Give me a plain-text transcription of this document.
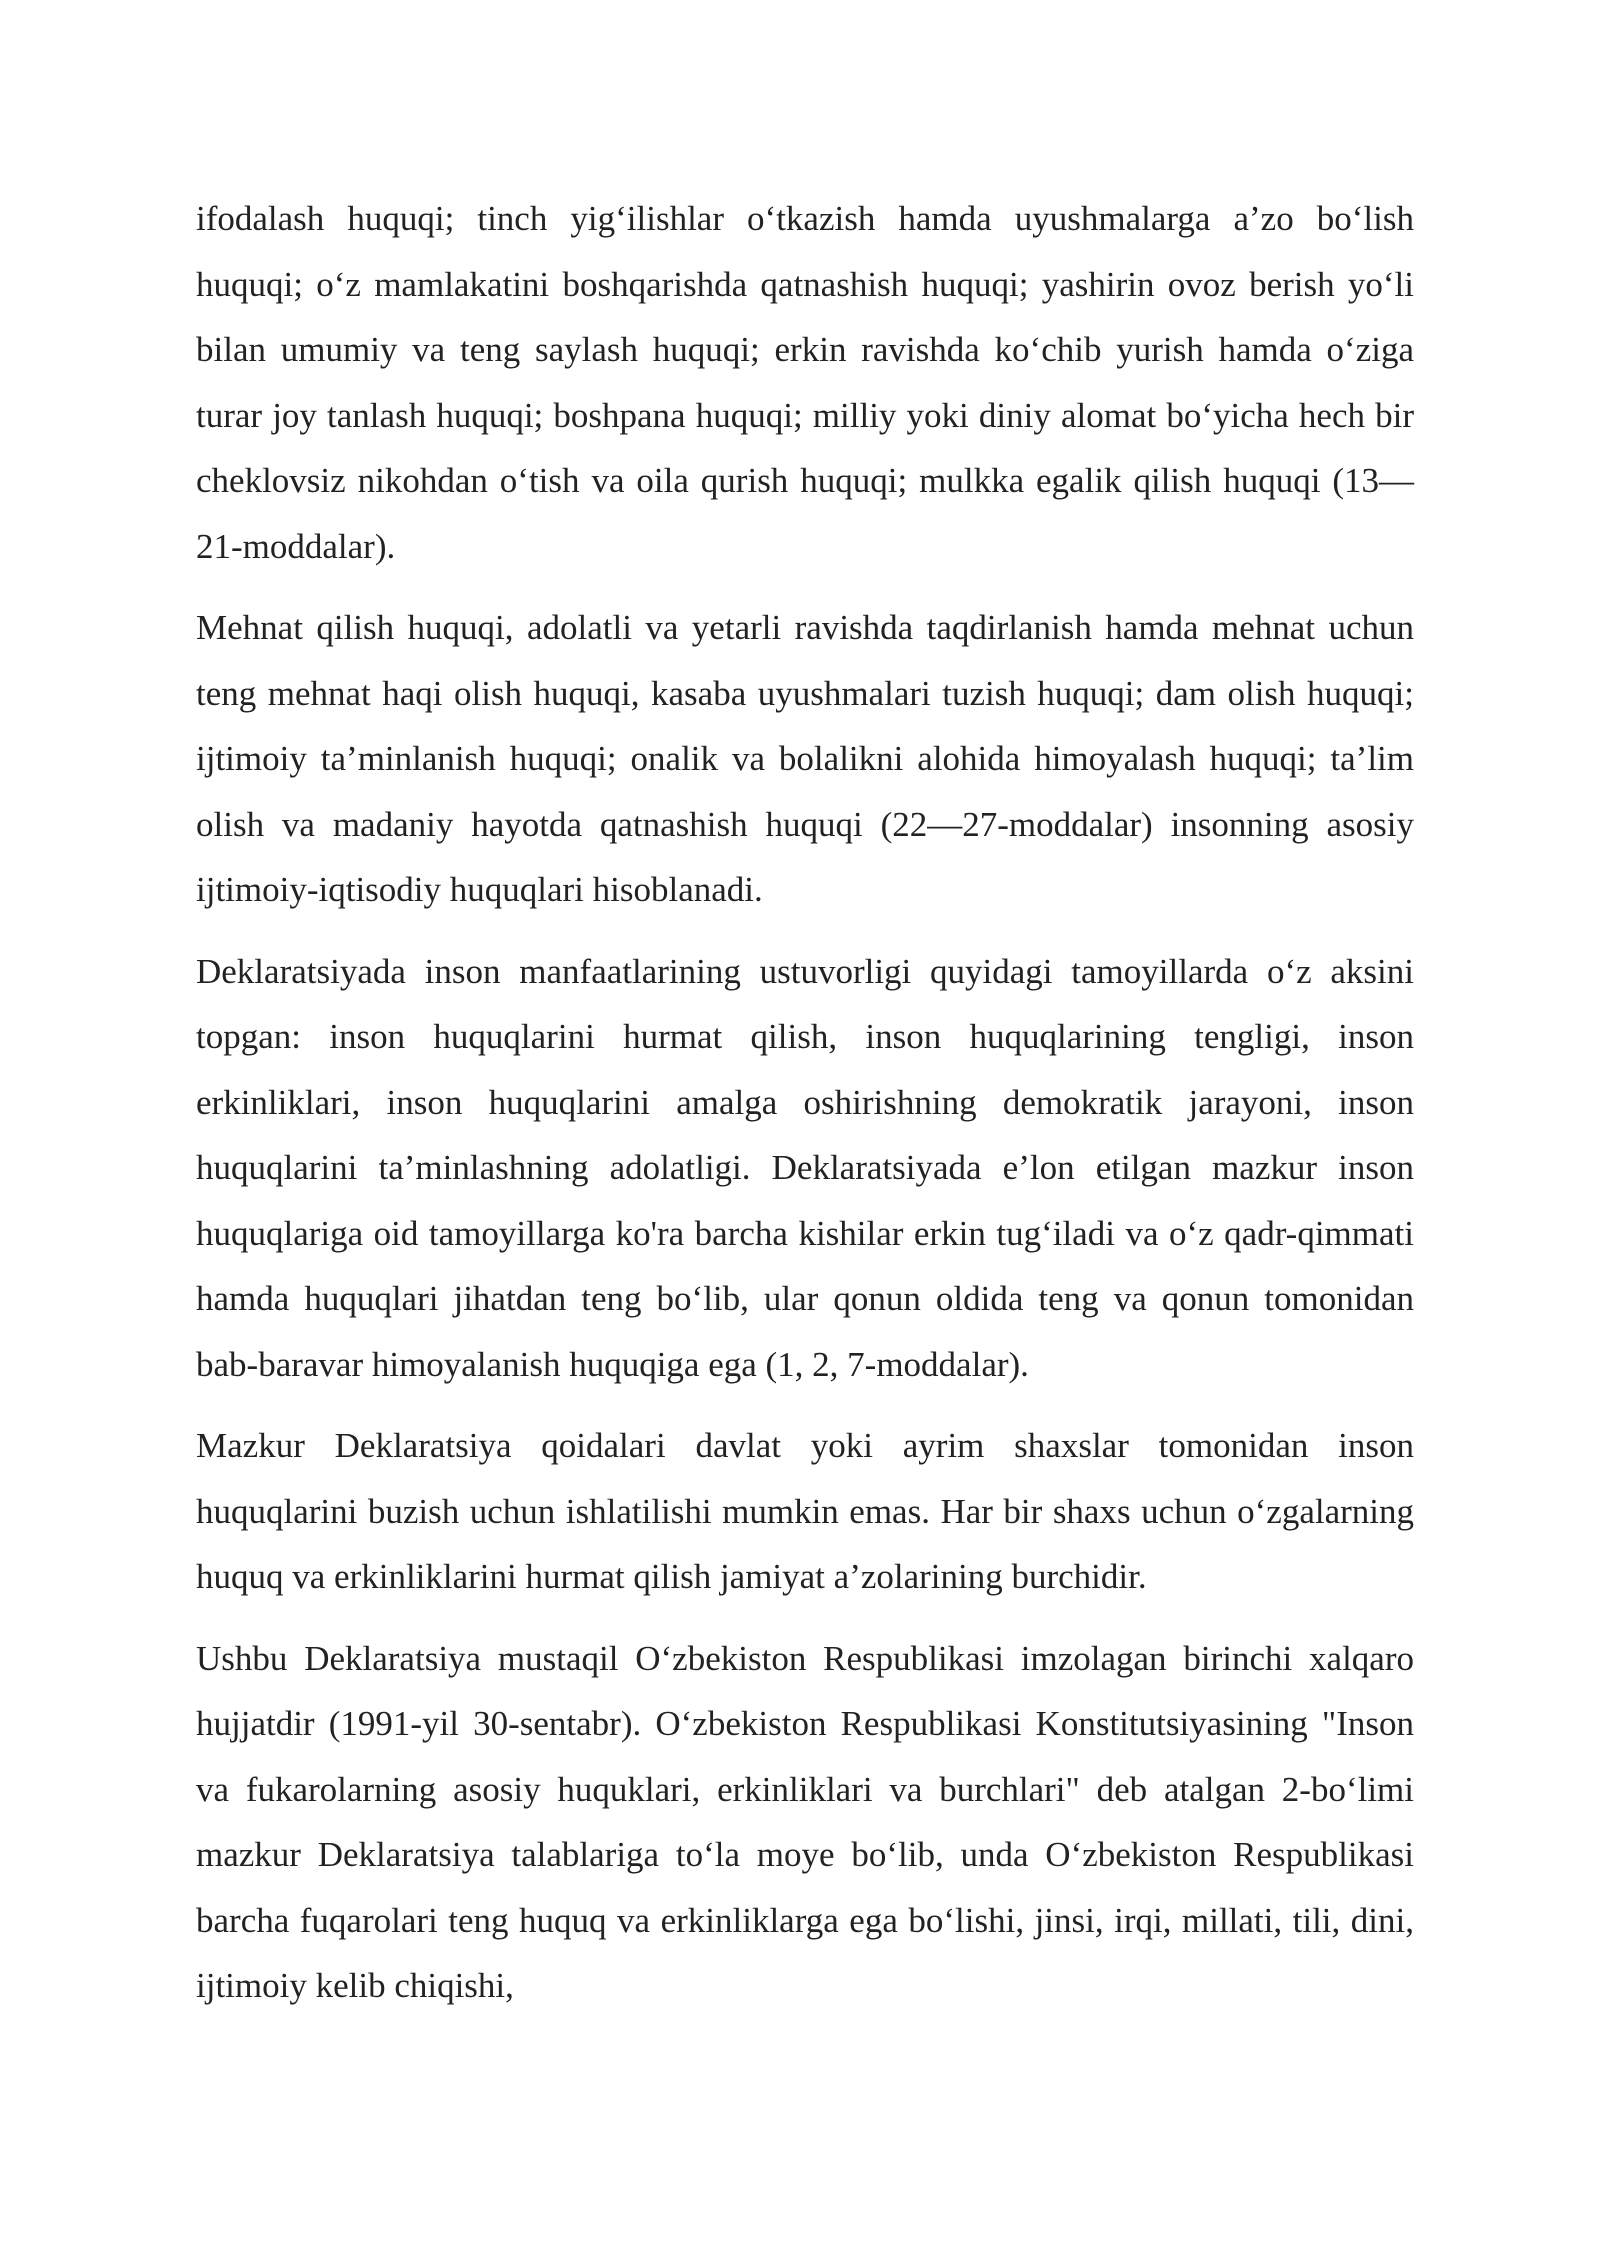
ifodalash huquqi; tinch yig‘ilishlar o‘tkazish hamda uyushmalarga a’zo bo‘lish huquqi; o‘z mamlakatini boshqarishda qatnashish huquqi; yashirin ovoz berish yo‘li bilan umumiy va teng saylash huquqi; erkin ravishda ko‘chib yurish hamda o‘ziga turar joy tanlash huquqi; boshpana huquqi; milliy yoki diniy alomat bo‘yicha hech bir cheklovsiz nikohdan o‘tish va oila qurish huquqi; mulkka egalik qilish huquqi (13—21-moddalar).

Mehnat qilish huquqi, adolatli va yetarli ravishda taqdirlanish hamda mehnat uchun teng mehnat haqi olish huquqi, kasaba uyushmalari tuzish huquqi; dam olish huquqi; ijtimoiy ta’minlanish huquqi; onalik va bolalikni alohida himoyalash huquqi; ta’lim olish va madaniy hayotda qatnashish huquqi (22—27-moddalar) insonning asosiy ijtimoiy-iqtisodiy huquqlari hisoblanadi.

Deklaratsiyada inson manfaatlarining ustuvorligi quyidagi tamoyillarda o‘z aksini topgan: inson huquqlarini hurmat qilish, inson huquqlarining tengligi, inson erkinliklari, inson huquqlarini amalga oshirishning demokratik jarayoni, inson huquqlarini ta’minlashning adolatligi. Deklaratsiyada e’lon etilgan mazkur inson huquqlariga oid tamoyillarga ko'ra barcha kishilar erkin tug‘iladi va o‘z qadr-qimmati hamda huquqlari jihatdan teng bo‘lib, ular qonun oldida teng va qonun tomonidan bab-baravar himoyalanish huquqiga ega (1, 2, 7-moddalar).

Mazkur Deklaratsiya qoidalari davlat yoki ayrim shaxslar tomonidan inson huquqlarini buzish uchun ishlatilishi mumkin emas. Har bir shaxs uchun o‘zgalarning huquq va erkinliklarini hurmat qilish jamiyat a’zolarining burchidir.

Ushbu Deklaratsiya mustaqil O‘zbekiston Respublikasi imzolagan birinchi xalqaro hujjatdir (1991-yil 30-sentabr). O‘zbekiston Respublikasi Konstitutsiyasining "Inson va fukarolarning asosiy huquklari, erkinliklari va burchlari" deb atalgan 2-bo‘limi mazkur Deklaratsiya talablariga to‘la moye bo‘lib, unda O‘zbekiston Respublikasi barcha fuqarolari teng huquq va erkinliklarga ega bo‘lishi, jinsi, irqi, millati, tili, dini, ijtimoiy kelib chiqishi,
